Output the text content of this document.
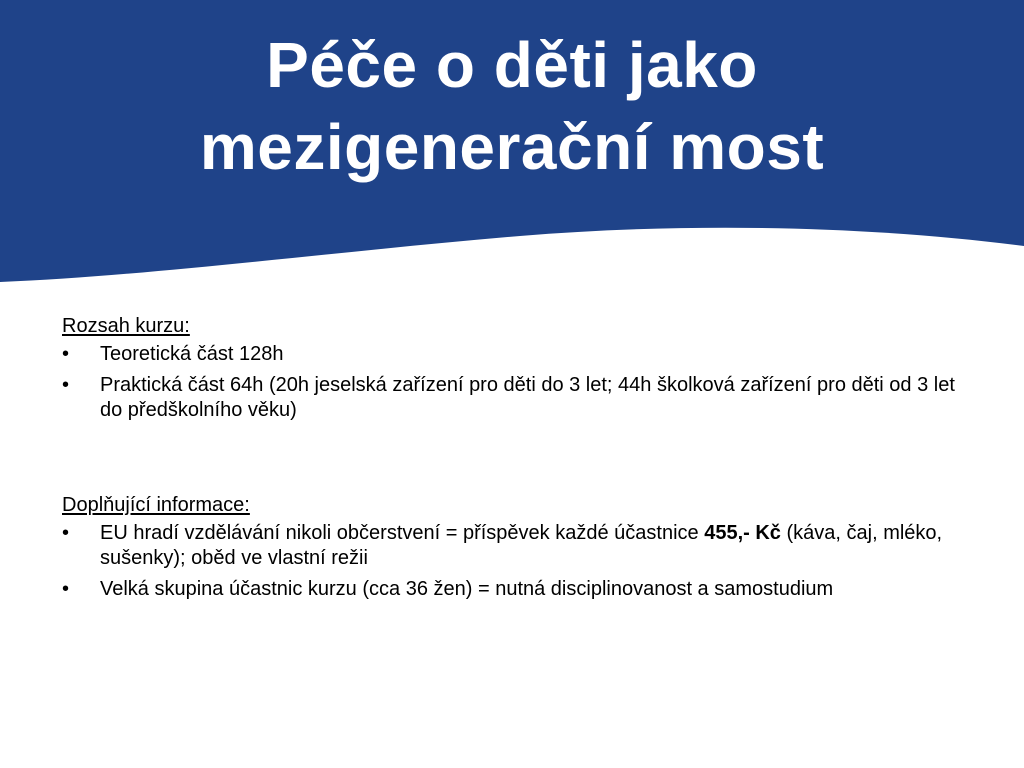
Péče o děti jako
mezigenerační most

Rozsah kurzu:

• Teoretická část 128h
• Praktická část 64h (20h jeselská zařízení pro děti do 3 let; 44h školková zařízení pro děti od 3 let do předškolního věku)

Doplňující informace:

• EU hradí vzdělávání nikoli občerstvení = příspěvek každé účastnice 455,- Kč (káva, čaj, mléko, sušenky); oběd ve vlastní režii
• Velká skupina účastnic kurzu (cca 36 žen) = nutná disciplinovanost a samostudium
